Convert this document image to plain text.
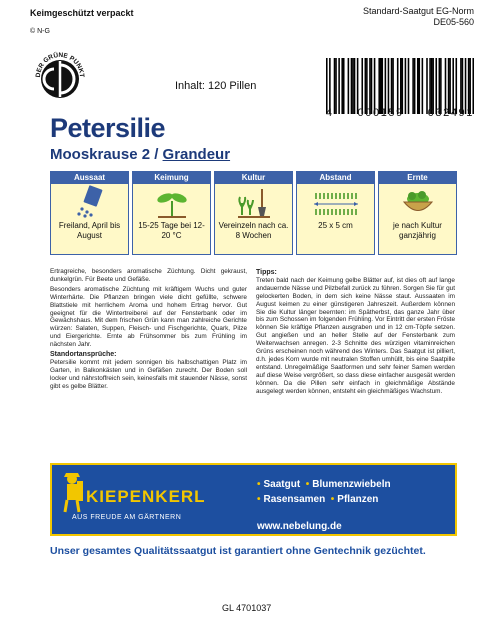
Keimgeschützt verpackt
© N-G
Standard-Saatgut EG-Norm
DE05-560
DER GRÜNE PUNKT
Inhalt: 120 Pillen
4 000159 032491
Petersilie
Mooskrause 2 / Grandeur
Aussaat
Freiland, April bis August
Keimung
15-25 Tage bei 12-20 °C
Kultur
Vereinzeln nach ca. 8 Wochen
Abstand
25 x 5 cm
Ernte
je nach Kultur ganzjährig

Ertragreiche, besonders aromatische Züchtung. Dicht gekraust, dunkelgrün. Für Beete und Gefäße.

Besonders aromatische Züchtung mit kräftigem Wuchs und guter Winterhärte. Die Pflanzen bringen viele dicht gefüllte, schwere Blattstiele mit herrlichem Aroma und hohem Ertrag hervor. Gut geeignet für die Wintertreiberei auf der Fensterbank oder im Gewächshaus. Mit dem frischen Grün kann man zahlreiche Gerichte würzen: Salaten, Suppen, Fleisch- und Fischgerichte, Quark, Pilze und Eiergerichte. Ernte ab Frühsommer bis zum Frühling im nächsten Jahr.

Standortansprüche:

Petersilie kommt mit jedem sonnigen bis halbschattigen Platz im Garten, in Balkonkästen und in Gefäßen zurecht. Der Boden soll locker und nährstoffreich sein, keinesfalls mit stauender Nässe, sonst gibt es gelbe Blätter.

Tipps:

Treten bald nach der Keimung gelbe Blätter auf, ist dies oft auf lange andauernde Nässe und Pilzbefall zurück zu führen. Sorgen Sie für gut gelockerten Boden, in dem sich keine Nässe staut. Aussaaten im August keimen zu einer günstigeren Jahreszeit. Außerdem können Sie die Kultur länger beernten: im Spätherbst, das ganze Jahr über bis zum Schossen im folgenden Frühling. Vor Eintritt der ersten Fröste können Sie kräftige Pflanzen ausgraben und in 12 cm-Töpfe setzen. Gut angießen und an heller Stelle auf der Fensterbank zum Weiterwachsen anregen. 2-3 Schnitte des würzigen vitaminreichen Grüns erscheinen noch während des Winters. Das Saatgut ist pilliert, d.h. jedes Korn wurde mit neutralen Stoffen umhüllt, bis eine Saatpille entstand. Unregelmäßige Saatformen und sehr feiner Samen werden auf diese Weise vergrößert, so dass diese einfacher ausgesät werden können. Da die Pillen sehr einfach in gleichmäßige Abstände ausgelegt werden können, entsteht ein gleichmäßiges Wachstum.

KIEPENKERL
AUS FREUDE AM GÄRTNERN
• Saatgut • Blumenzwiebeln
• Rasensamen • Pflanzen
www.nebelung.de
Unser gesamtes Qualitätssaatgut ist garantiert ohne Gentechnik gezüchtet.
GL 4701037
